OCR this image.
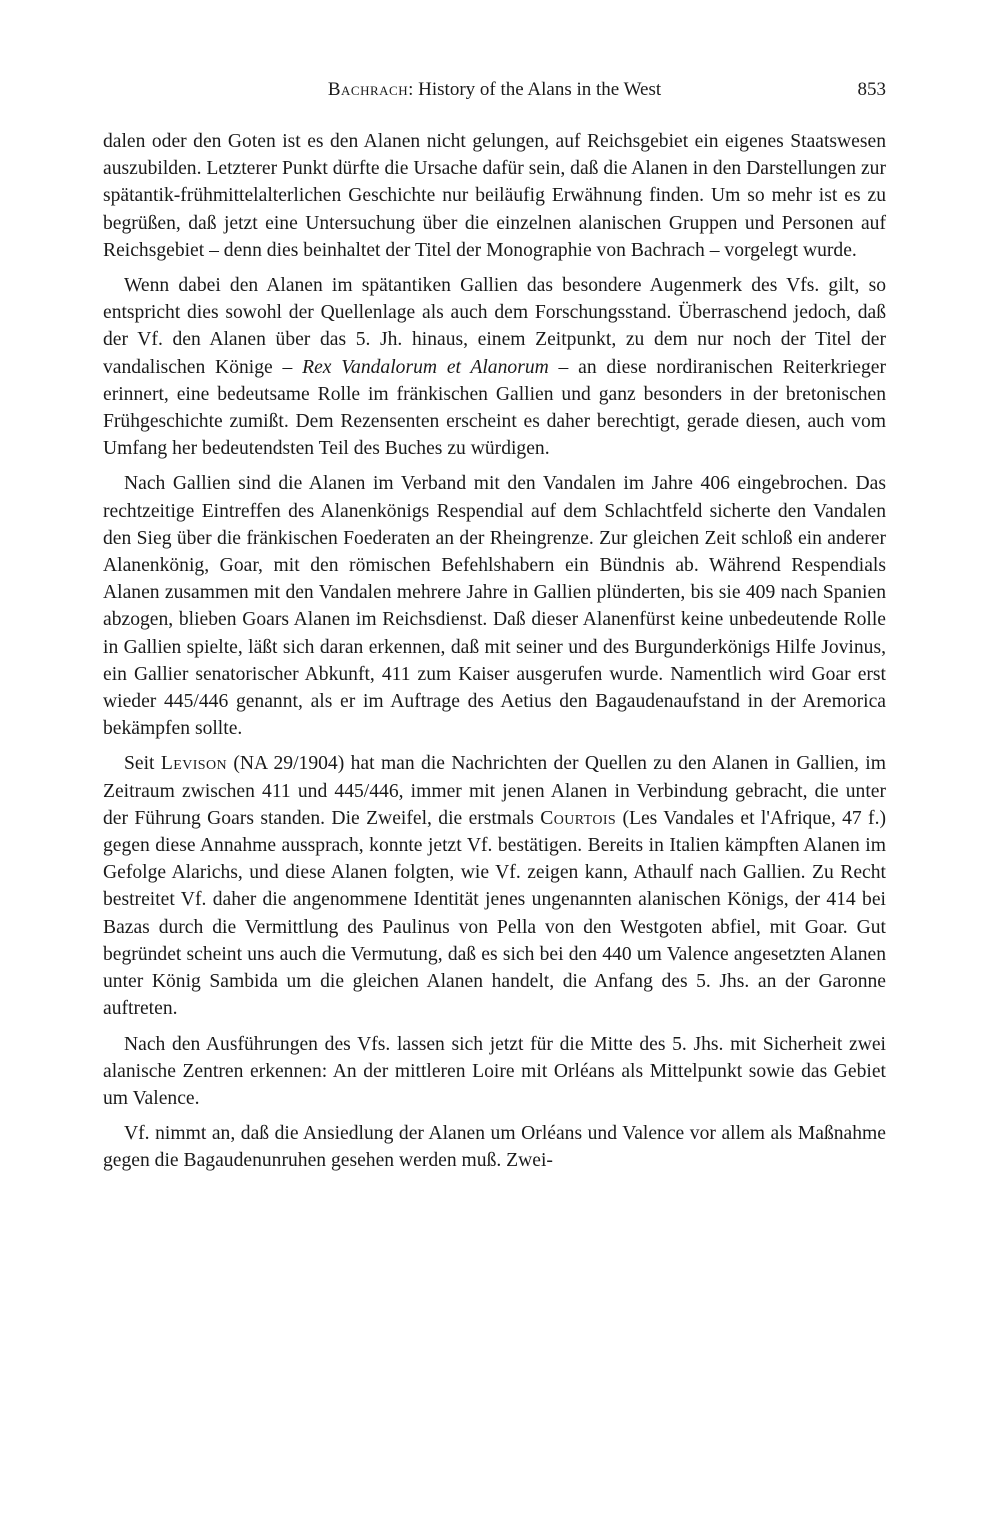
Bachrach: History of the Alans in the West	853

dalen oder den Goten ist es den Alanen nicht gelungen, auf Reichsgebiet ein eigenes Staatswesen auszubilden. Letzterer Punkt dürfte die Ursache dafür sein, daß die Alanen in den Darstellungen zur spätantik-frühmittelalterlichen Geschichte nur beiläufig Erwähnung finden. Um so mehr ist es zu begrüßen, daß jetzt eine Untersuchung über die einzelnen alanischen Gruppen und Personen auf Reichsgebiet – denn dies beinhaltet der Titel der Monographie von Bachrach – vorgelegt wurde.

Wenn dabei den Alanen im spätantiken Gallien das besondere Augenmerk des Vfs. gilt, so entspricht dies sowohl der Quellenlage als auch dem Forschungsstand. Überraschend jedoch, daß der Vf. den Alanen über das 5. Jh. hinaus, einem Zeitpunkt, zu dem nur noch der Titel der vandalischen Könige – Rex Vandalorum et Alanorum – an diese nordiranischen Reiterkrieger erinnert, eine bedeutsame Rolle im fränkischen Gallien und ganz besonders in der bretonischen Frühgeschichte zumißt. Dem Rezensenten erscheint es daher berechtigt, gerade diesen, auch vom Umfang her bedeutendsten Teil des Buches zu würdigen.

Nach Gallien sind die Alanen im Verband mit den Vandalen im Jahre 406 eingebrochen. Das rechtzeitige Eintreffen des Alanenkönigs Respendial auf dem Schlachtfeld sicherte den Vandalen den Sieg über die fränkischen Foederaten an der Rheingrenze. Zur gleichen Zeit schloß ein anderer Alanenkönig, Goar, mit den römischen Befehlshabern ein Bündnis ab. Während Respendials Alanen zusammen mit den Vandalen mehrere Jahre in Gallien plünderten, bis sie 409 nach Spanien abzogen, blieben Goars Alanen im Reichsdienst. Daß dieser Alanenfürst keine unbedeutende Rolle in Gallien spielte, läßt sich daran erkennen, daß mit seiner und des Burgunderkönigs Hilfe Jovinus, ein Gallier senatorischer Abkunft, 411 zum Kaiser ausgerufen wurde. Namentlich wird Goar erst wieder 445/446 genannt, als er im Auftrage des Aetius den Bagaudenaufstand in der Aremorica bekämpfen sollte.

Seit Levison (NA 29/1904) hat man die Nachrichten der Quellen zu den Alanen in Gallien, im Zeitraum zwischen 411 und 445/446, immer mit jenen Alanen in Verbindung gebracht, die unter der Führung Goars standen. Die Zweifel, die erstmals Courtois (Les Vandales et l'Afrique, 47 f.) gegen diese Annahme aussprach, konnte jetzt Vf. bestätigen. Bereits in Italien kämpften Alanen im Gefolge Alarichs, und diese Alanen folgten, wie Vf. zeigen kann, Athaulf nach Gallien. Zu Recht bestreitet Vf. daher die angenommene Identität jenes ungenannten alanischen Königs, der 414 bei Bazas durch die Vermittlung des Paulinus von Pella von den Westgoten abfiel, mit Goar. Gut begründet scheint uns auch die Vermutung, daß es sich bei den 440 um Valence angesetzten Alanen unter König Sambida um die gleichen Alanen handelt, die Anfang des 5. Jhs. an der Garonne auftreten.

Nach den Ausführungen des Vfs. lassen sich jetzt für die Mitte des 5. Jhs. mit Sicherheit zwei alanische Zentren erkennen: An der mittleren Loire mit Orléans als Mittelpunkt sowie das Gebiet um Valence.

Vf. nimmt an, daß die Ansiedlung der Alanen um Orléans und Valence vor allem als Maßnahme gegen die Bagaudenunruhen gesehen werden muß. Zwei-
